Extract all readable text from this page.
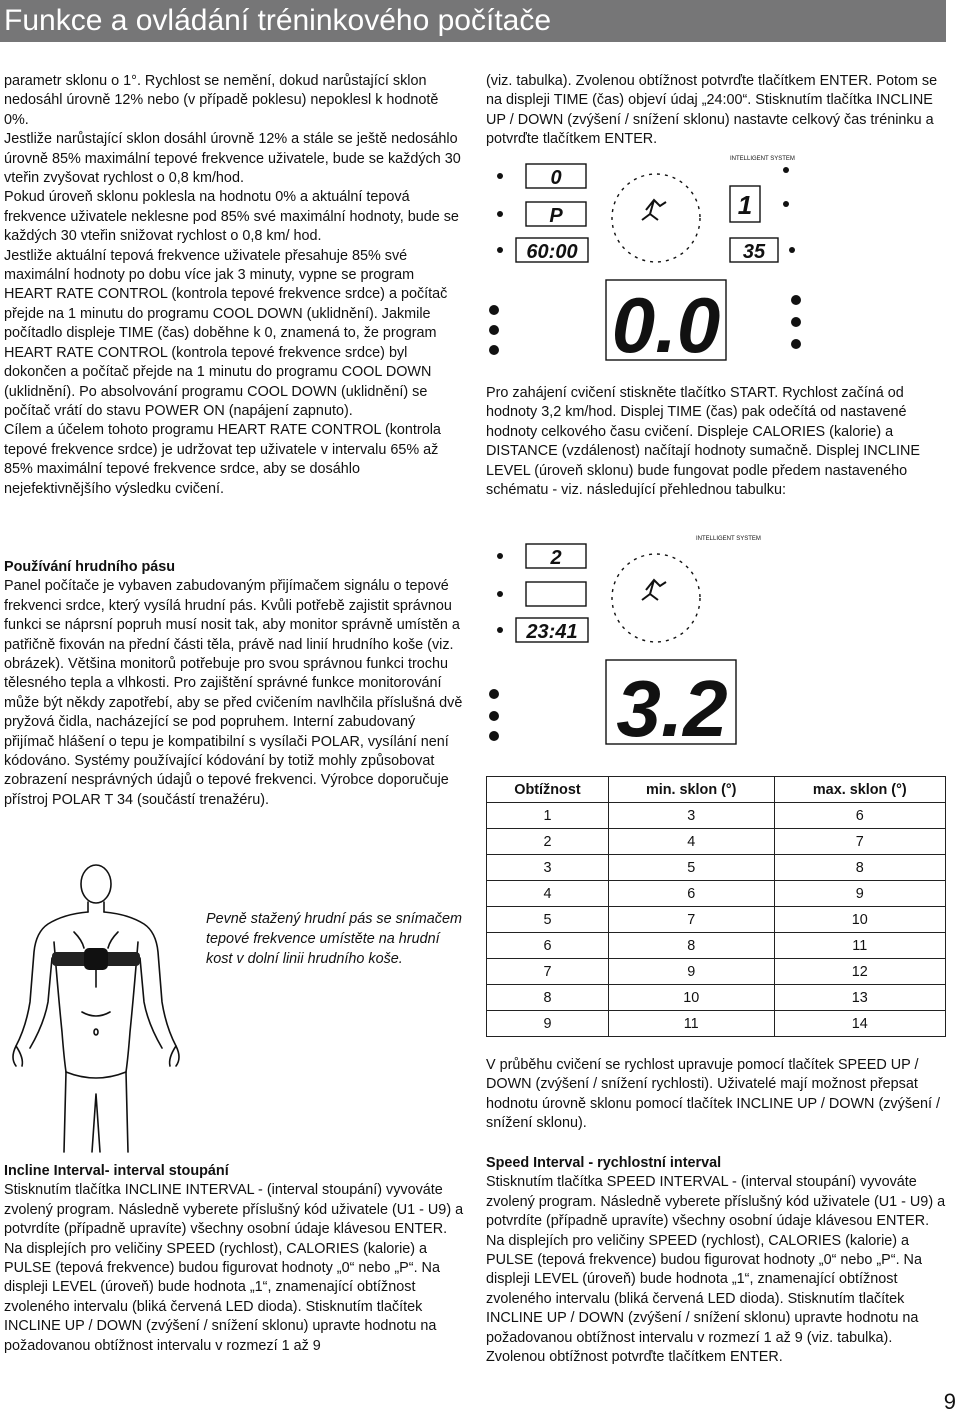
Funkce a ovládání tréninkového počítače

parametr sklonu o 1°. Rychlost se nemění, dokud narůstající sklon nedosáhl úrovně 12% nebo (v případě poklesu) nepoklesl k hodnotě 0%.

Jestliže narůstající sklon dosáhl úrovně 12% a stále se ještě nedosáhlo úrovně 85% maximální tepové frekvence uživatele, bude se každých 30 vteřin zvyšovat rychlost o 0,8 km/hod.

Pokud úroveň sklonu poklesla na hodnotu 0% a aktuální tepová frekvence uživatele neklesne pod 85% své maximální hodnoty, bude se každých 30 vteřin snižovat rychlost o 0,8 km/ hod.

Jestliže aktuální tepová frekvence uživatele přesahuje 85% své maximální hodnoty po dobu více jak 3 minuty, vypne se program HEART RATE CONTROL (kontrola tepové frekvence srdce) a počítač přejde na 1 minutu do programu COOL DOWN (uklidnění). Jakmile počítadlo displeje TIME (čas) doběhne k 0, znamená to, že program HEART RATE CONTROL (kontrola tepové frekvence srdce) byl dokončen a počítač přejde na 1 minutu do programu COOL DOWN (uklidnění). Po absolvování programu COOL DOWN (uklidnění) se počítač vrátí do stavu POWER ON (napájení zapnuto).

Cílem a účelem tohoto programu HEART RATE CONTROL (kontrola tepové frekvence srdce) je udržovat tep uživatele v intervalu 65% až 85% maximální tepové frekvence srdce, aby se dosáhlo nejefektivnějšího výsledku cvičení.

Používání hrudního pásu

Panel počítače je vybaven zabudovaným přijímačem signálu o tepové frekvenci srdce, který vysílá hrudní pás. Kvůli potřebě zajistit správnou funkci se náprsní popruh musí nosit tak, aby monitor správně umístěn a patřičně fixován na přední části těla, právě nad linií hrudního koše (viz. obrázek). Většina monitorů potřebuje pro svou správnou funkci trochu tělesného tepla a vlhkosti. Pro zajištění správné funkce monitorování může být někdy zapotřebí, aby se před cvičením navlhčila příslušná dvě pryžová čidla, nacházející se pod popruhem. Interní zabudovaný přijímač hlášení o tepu je kompatibilní s vysílači POLAR, vysílání není kódováno. Systémy používající kódování by totiž mohly způsobovat zobrazení nesprávných údajů o tepové frekvenci. Výrobce doporučuje přístroj POLAR T 34 (součástí trenažéru).

Pevně stažený hrudní pás se snímačem tepové frekvence umístěte na hrudní kost v dolní linii hrudního koše.

(viz. tabulka). Zvolenou obtížnost potvrďte tlačítkem ENTER. Potom se na displeji TIME (čas) objeví údaj „24:00“. Stisknutím tlačítka INCLINE UP / DOWN (zvýšení / snížení sklonu) nastavte celkový čas tréninku a potvrďte tlačítkem ENTER.

0
P
60:00
1
35
0.0
INTELLIGENT SYSTEM

Pro zahájení cvičení stiskněte tlačítko START. Rychlost začíná od hodnoty 3,2 km/hod. Displej TIME (čas) pak odečítá od nastavené hodnoty celkového času cvičení. Displeje CALORIES (kalorie) a DISTANCE (vzdálenost) načítají hodnoty sumačně. Displej INCLINE LEVEL (úroveň sklonu) bude fungovat podle předem nastaveného schématu - viz. následující přehlednou tabulku:

2
23:41
3.2
INTELLIGENT SYSTEM
Obtížnost	min. sklon (°)	max. sklon (°)
1	3	6
2	4	7
3	5	8
4	6	9
5	7	10
6	8	11
7	9	12
8	10	13
9	11	14

V průběhu cvičení se rychlost upravuje pomocí tlačítek SPEED UP / DOWN (zvýšení / snížení rychlosti). Uživatelé mají možnost přepsat hodnotu úrovně sklonu pomocí tlačítek INCLINE UP / DOWN (zvýšení / snížení sklonu).

Incline Interval- interval stoupání

Stisknutím tlačítka INCLINE INTERVAL - (interval stoupání) vyvováte zvolený program. Následně vyberete příslušný kód uživatele (U1 - U9) a potvrdíte (případně upravíte) všechny osobní údaje klávesou ENTER. Na displejích pro veličiny SPEED (rychlost), CALORIES (kalorie) a PULSE (tepová frekvence) budou figurovat hodnoty „0“ nebo „P“. Na displeji LEVEL (úroveň) bude hodnota „1“, znamenající obtížnost zvoleného intervalu (bliká červená LED dioda). Stisknutím tlačítek INCLINE UP / DOWN (zvýšení / snížení sklonu) upravte hodnotu na požadovanou obtížnost intervalu v rozmezí 1 až 9

Speed Interval - rychlostní interval

Stisknutím tlačítka SPEED INTERVAL - (interval stoupání) vyvováte zvolený program. Následně vyberete příslušný kód uživatele (U1 - U9) a potvrdíte (případně upravíte) všechny osobní údaje klávesou ENTER. Na displejích pro veličiny SPEED (rychlost), CALORIES (kalorie) a PULSE (tepová frekvence) budou figurovat hodnoty „0“ nebo „P“. Na displeji LEVEL (úroveň) bude hodnota „1“, znamenající obtížnost zvoleného intervalu (bliká červená LED dioda). Stisknutím tlačítek INCLINE UP / DOWN (zvýšení / snížení sklonu) upravte hodnotu na požadovanou obtížnost intervalu v rozmezí 1 až 9 (viz. tabulka). Zvolenou obtížnost potvrďte tlačítkem ENTER.

9
